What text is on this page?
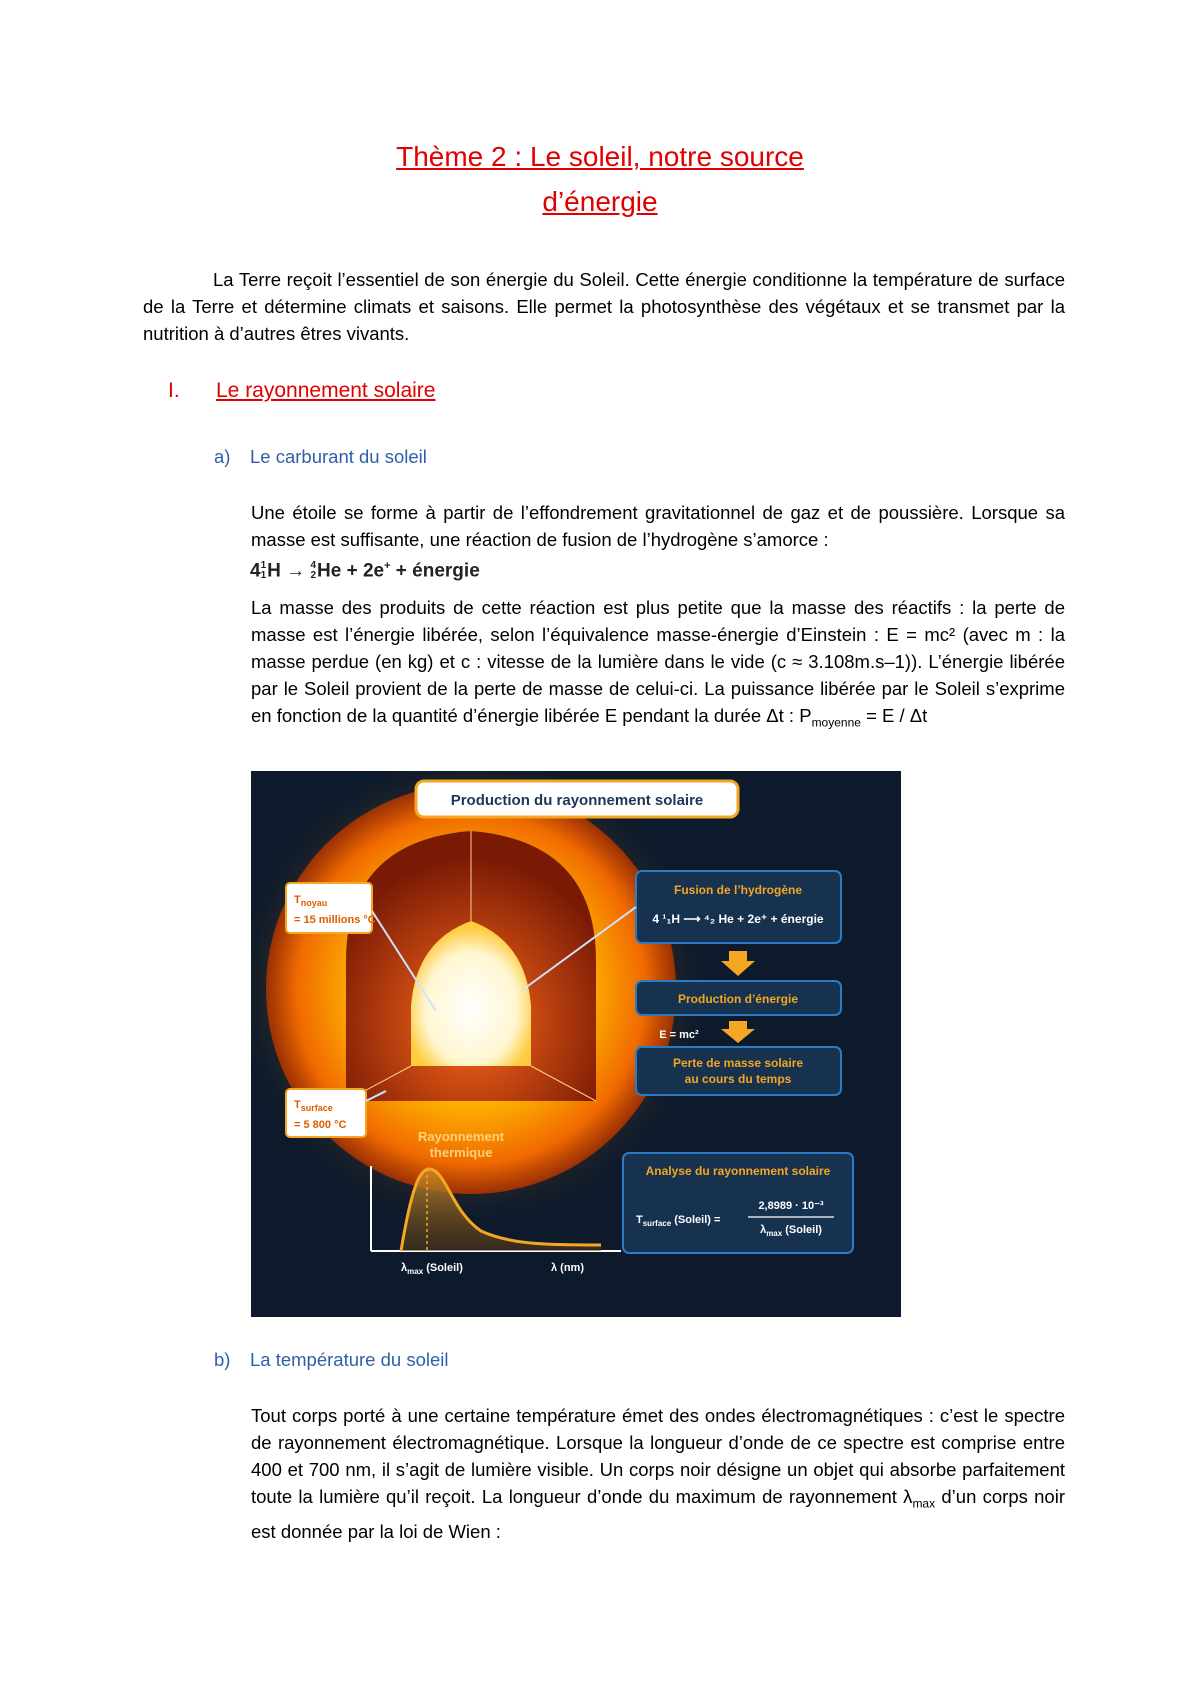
Thème 2 : Le soleil, notre source
d’énergie
La Terre reçoit l’essentiel de son énergie du Soleil. Cette énergie conditionne la température de surface de la Terre et détermine climats et saisons. Elle permet la photosynthèse des végétaux et se transmet par la nutrition à d’autres êtres vivants.
I. Le rayonnement solaire
a) Le carburant du soleil
Une étoile se forme à partir de l’effondrement gravitationnel de gaz et de poussière. Lorsque sa masse est suffisante, une réaction de fusion de l’hydrogène s’amorce :
4 1
1 H → 4
2 He + 2e+ + énergie
La masse des produits de cette réaction est plus petite que la masse des réactifs : la perte de masse est l’énergie libérée, selon l’équivalence masse-énergie d’Einstein : E = mc² (avec m : la masse perdue (en kg) et c : vitesse de la lumière dans le vide (c ≈ 3.108m.s–1)). L’énergie libérée par le Soleil provient de la perte de masse de celui-ci. La puissance libérée par le Soleil s’exprime en fonction de la quantité d’énergie libérée E pendant la durée Δt : $P_{moyenne} = E / \Delta t$
Production du rayonnement solaire
$T_{noyau}$
= 15 millions °C
$T_{surface}$
= 5 800 °C
Rayonnement
thermique
$\lambda_{max}$ (Soleil)	λ (nm)
Fusion de l’hydrogène
4 ¹₁H ⟶ ⁴₂ He + 2e⁺ + énergie
Production d’énergie
E = mc²
Perte de masse solaire
au cours du temps
Analyse du rayonnement solaire
$T_{surface}$ (Soleil) =
2,8989 · 10⁻³
$\lambda_{max}$ (Soleil)
b) La température du soleil
Tout corps porté à une certaine température émet des ondes électromagnétiques : c’est le spectre de rayonnement électromagnétique. Lorsque la longueur d’onde de ce spectre est comprise entre 400 et 700 nm, il s’agit de lumière visible. Un corps noir désigne un objet qui absorbe parfaitement toute la lumière qu’il reçoit. La longueur d’onde du maximum de rayonnement $\lambda_{max}$ d’un corps noir est donnée par la loi de Wien :
